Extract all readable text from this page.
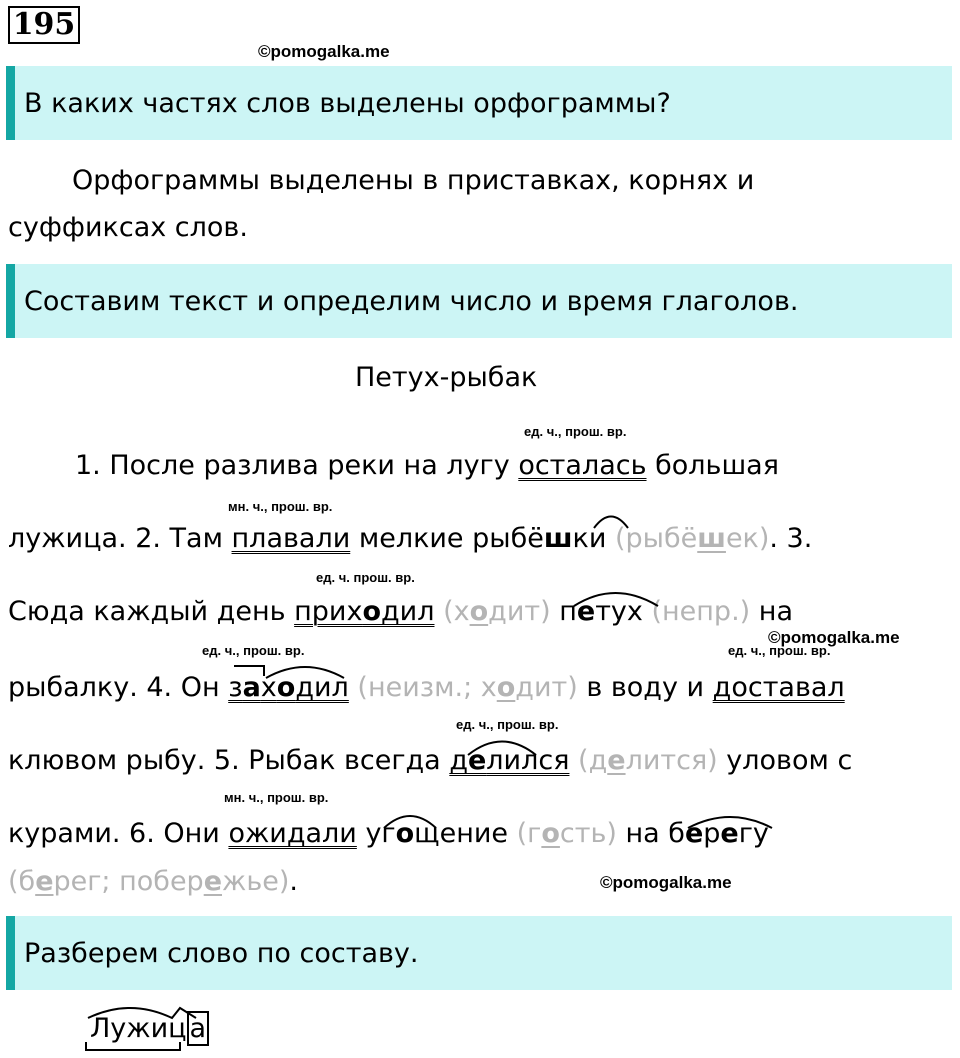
195
©pomogalka.me
В каких частях слов выделены орфограммы?
Орфограммы выделены в приставках, корнях и
суффиксах слов.
Составим текст и определим число и время глаголов.
Петух-рыбак
ед. ч., прош. вр.
мн. ч., прош. вр.
ед. ч. прош. вр.
ед. ч., прош. вр.	ед. ч., прош. вр.
ед. ч., прош. вр.
мн. ч., прош. вр.
©pomogalka.me
©pomogalka.me
1. После разлива реки на лугу осталась большая
лужица. 2. Там плавали мелкие рыбёшки (рыбёшек). 3.
Сюда каждый день приходил (ходит) петух (непр.) на
рыбалку. 4. Он заходил (неизм.; ходит) в воду и доставал
клювом рыбу. 5. Рыбак всегда делился (делится) уловом с
курами. 6. Они ожидали угощение (гость) на берегу
(берег; побережье).
Разберем слово по составу.
Лужиц а
